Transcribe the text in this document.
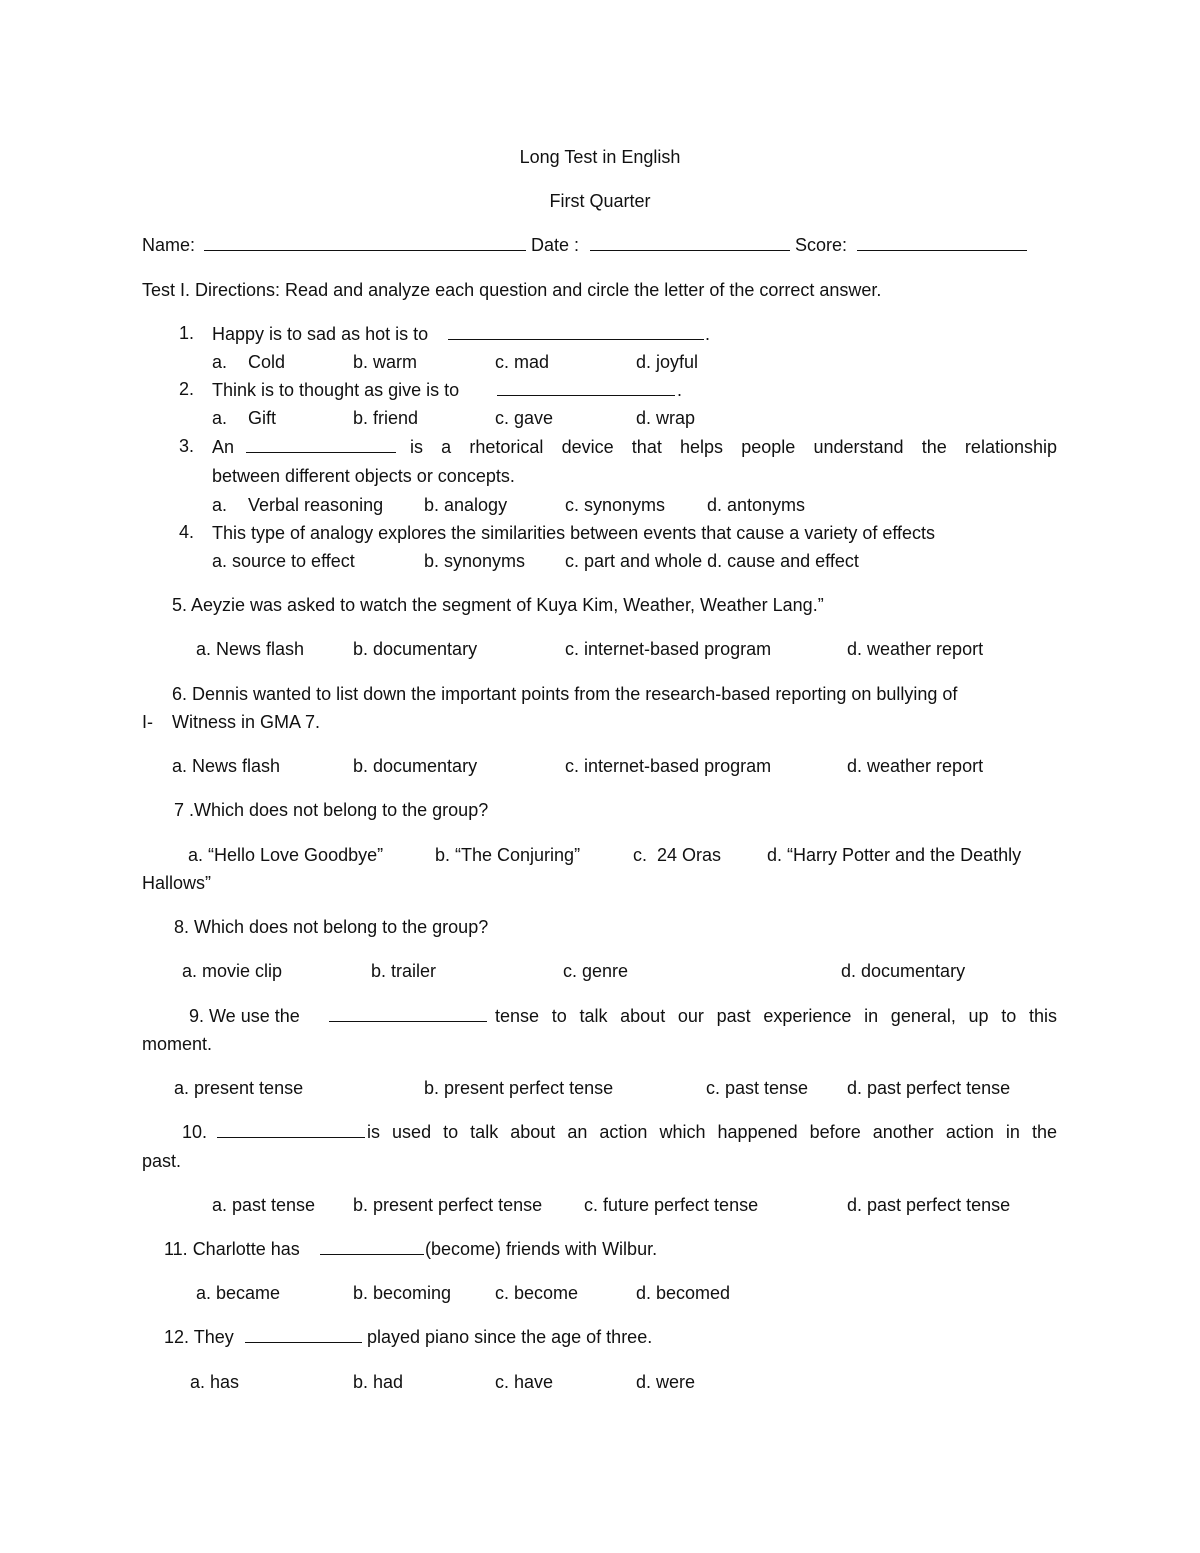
Long Test in English
First Quarter
Name:	Date :	Score:
Test I. Directions: Read and analyze each question and circle the letter of the correct answer.
1. Happy is to sad as hot is to	.
a. Cold	b. warm	c. mad	d. joyful
2. Think is to thought as give is to	.
a. Gift	b. friend	c. gave	d. wrap
3. An	is a rhetorical device that helps people understand the relationship
between different objects or concepts.
a. Verbal reasoning b. analogy	c. synonyms d. antonyms
4. This type of analogy explores the similarities between events that cause a variety of effects
a. source to effect	b. synonyms c. part and whole d. cause and effect
5. Aeyzie was asked to watch the segment of Kuya Kim, Weather, Weather Lang.”
a. News flash	b. documentary	c. internet-based program	d. weather report
6. Dennis wanted to list down the important points from the research-based reporting on bullying of
I- Witness in GMA 7.
a. News flash	b. documentary	c. internet-based program	d. weather report
7 .Which does not belong to the group?
a. “Hello Love Goodbye”	b. “The Conjuring”	c.  24 Oras	d. “Harry Potter and the Deathly
Hallows”
8. Which does not belong to the group?
a. movie clip	b. trailer	c. genre	d. documentary
9. We use the	tense to talk about our past experience in general, up to this
moment.
a. present tense	b. present perfect tense	c. past tense d. past perfect tense
10.	is used to talk about an action which happened before another action in the
past.
a. past tense b. present perfect tense c. future perfect tense	d. past perfect tense
11. Charlotte has	(become) friends with Wilbur.
a. became	b. becoming c. become	d. becomed
12. They	played piano since the age of three.
a. has	b. had	c. have	d. were
